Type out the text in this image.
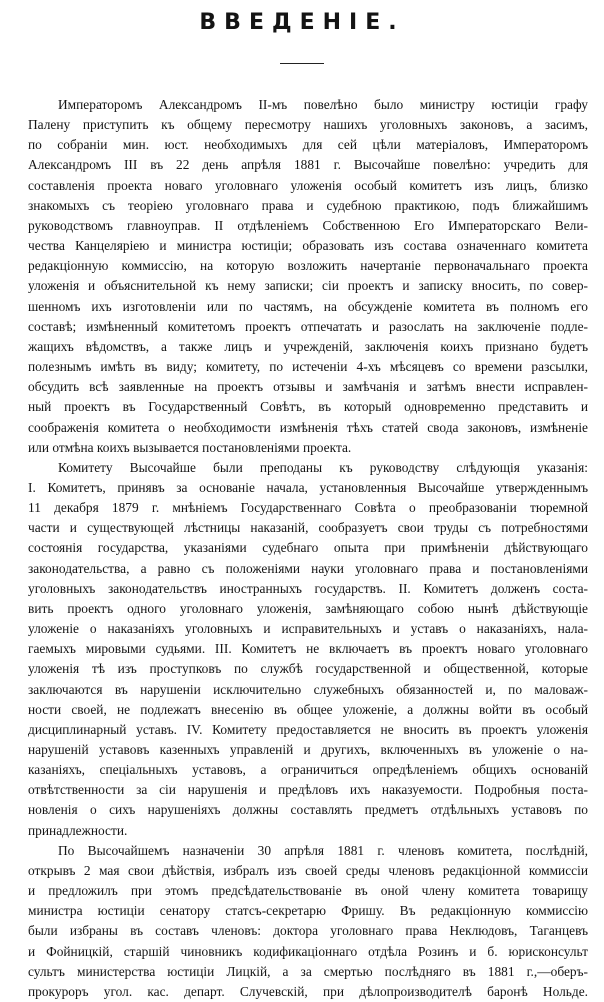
ВВЕДЕНІЕ.
Императоромъ Александромъ II-мъ повелѣно было министру юстиціи графу
Палену приступить къ общему пересмотру нашихъ уголовныхъ законовъ, а засимъ,
по собраніи мин. юст. необходимыхъ для сей цѣли матеріаловъ, Императоромъ
Александромъ III въ 22 день апрѣля 1881 г. Высочайше повелѣно: учредить для
составленія проекта новаго уголовнаго уложенія особый комитетъ изъ лицъ, близко
знакомыхъ съ теоріею уголовнаго права и судебною практикою, подъ ближайшимъ
руководствомъ главноуправ. II отдѣленіемъ Собственною Его Императорскаго Вели-
чества Канцеляріею и министра юстиціи; образовать изъ состава означеннаго комитета
редакціонную коммиссію, на которую возложить начертаніе первоначальнаго проекта
уложенія и объяснительной къ нему записки; сіи проектъ и записку вносить, по совер-
шенномъ ихъ изготовленіи или по частямъ, на обсужденіе комитета въ полномъ его
составѣ; измѣненный комитетомъ проектъ отпечатать и разослать на заключеніе подле-
жащихъ вѣдомствъ, а также лицъ и учрежденій, заключенія коихъ признано будетъ
полезнымъ имѣть въ виду; комитету, по истеченіи 4-хъ мѣсяцевъ со времени разсылки,
обсудить всѣ заявленные на проектъ отзывы и замѣчанія и затѣмъ внести исправлен-
ный проектъ въ Государственный Совѣтъ, въ который одновременно представить и
соображенія комитета о необходимости измѣненія тѣхъ статей свода законовъ, измѣненіе
или отмѣна коихъ вызывается постановленіями проекта.
Комитету Высочайше были преподаны къ руководству слѣдующія указанія:
I. Комитетъ, принявъ за основаніе начала, установленныя Высочайше утвержденнымъ
11 декабря 1879 г. мнѣніемъ Государственнаго Совѣта о преобразованіи тюремной
части и существующей лѣстницы наказаній, сообразуетъ свои труды съ потребностями
состоянія государства, указаніями судебнаго опыта при примѣненіи дѣйствующаго
законодательства, а равно съ положеніями науки уголовнаго права и постановленіями
уголовныхъ законодательствъ иностранныхъ государствъ. II. Комитетъ долженъ соста-
вить проектъ одного уголовнаго уложенія, замѣняющаго собою нынѣ дѣйствующіе
уложеніе о наказаніяхъ уголовныхъ и исправительныхъ и уставъ о наказаніяхъ, нала-
гаемыхъ мировыми судьями. III. Комитетъ не включаетъ въ проектъ новаго уголовнаго
уложенія тѣ изъ проступковъ по службѣ государственной и общественной, которые
заключаются въ нарушеніи исключительно служебныхъ обязанностей и, по маловаж-
ности своей, не подлежатъ внесенію въ общее уложеніе, а должны войти въ особый
дисциплинарный уставъ. IV. Комитету предоставляется не вносить въ проектъ уложенія
нарушеній уставовъ казенныхъ управленій и другихъ, включенныхъ въ уложеніе о на-
казаніяхъ, спеціальныхъ уставовъ, а ограничиться опредѣленіемъ общихъ основаній
отвѣтственности за сіи нарушенія и предѣловъ ихъ наказуемости. Подробныя поста-
новленія о сихъ нарушеніяхъ должны составлять предметъ отдѣльныхъ уставовъ по
принадлежности.
По Высочайшемъ назначеніи 30 апрѣля 1881 г. членовъ комитета, послѣдній,
открывъ 2 мая свои дѣйствія, избралъ изъ своей среды членовъ редакціонной коммиссіи
и предложилъ при этомъ предсѣдательствованіе въ оной члену комитета товарищу
министра юстиціи сенатору статсъ-секретарю Фришу. Въ редакціонную коммиссію
были избраны въ составъ членовъ: доктора уголовнаго права Неклюдовъ, Таганцевъ
и Фойницкій, старшій чиновникъ кодификаціоннаго отдѣла Розинъ и б. юрисконсульт
сультъ министерства юстиціи Лицкій, а за смертью послѣдняго въ 1881 г.,—оберъ-
прокуроръ угол. кас. департ. Случевскій, при дѣлопроизводителѣ баронѣ Нольде.
